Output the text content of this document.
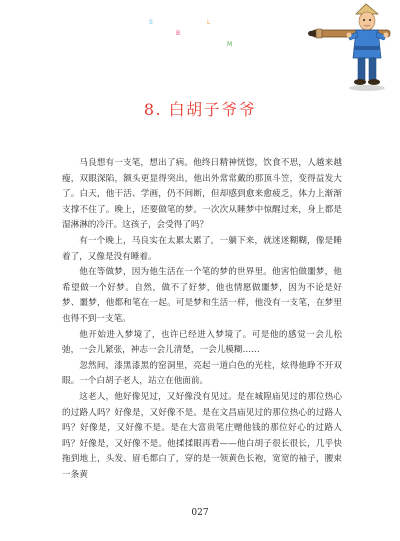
S
B
L
M
8. 白胡子爷爷

马良想有一支笔，想出了病。他终日精神恍惚，饮食不思，人越来越瘦，双眼深陷，额头更显得突出，他出外常常戴的那顶斗笠，变得益发大了。白天，他干活、学画，仍不间断，但却感到愈来愈疲乏，体力上渐渐支撑不住了。晚上，还要做笔的梦。一次次从睡梦中惊醒过来，身上都是湿淋淋的冷汗。这孩子，会受得了吗？

有一个晚上，马良实在太累太累了，一躺下来，就迷迷糊糊，像是睡着了，又像是没有睡着。

他在等做梦，因为他生活在一个笔的梦的世界里。他害怕做噩梦，他希望做一个好梦。自然，做不了好梦，他也情愿做噩梦，因为不论是好梦、噩梦，他都和笔在一起。可是梦和生活一样，他没有一支笔，在梦里也得不到一支笔。

他开始进入梦境了，也许已经进入梦境了。可是他的感觉一会儿松弛，一会儿紧张，神志一会儿清楚，一会儿模糊……

忽然间，漆黑漆黑的窑洞里，亮起一道白色的光柱，炫得他睁不开双眼。一个白胡子老人，站立在他面前。

这老人，他好像见过，又好像没有见过。是在城隍庙见过的那位热心的过路人吗？好像是，又好像不是。是在文昌庙见过的那位热心的过路人吗？好像是，又好像不是。是在大富贵笔庄赠他钱的那位好心的过路人吗？好像是，又好像不是。他揉揉眼再看——他白胡子很长很长，几乎快拖到地上，头发、眉毛都白了，穿的是一领黄色长袍，宽宽的袖子，腰束一条黄

027
